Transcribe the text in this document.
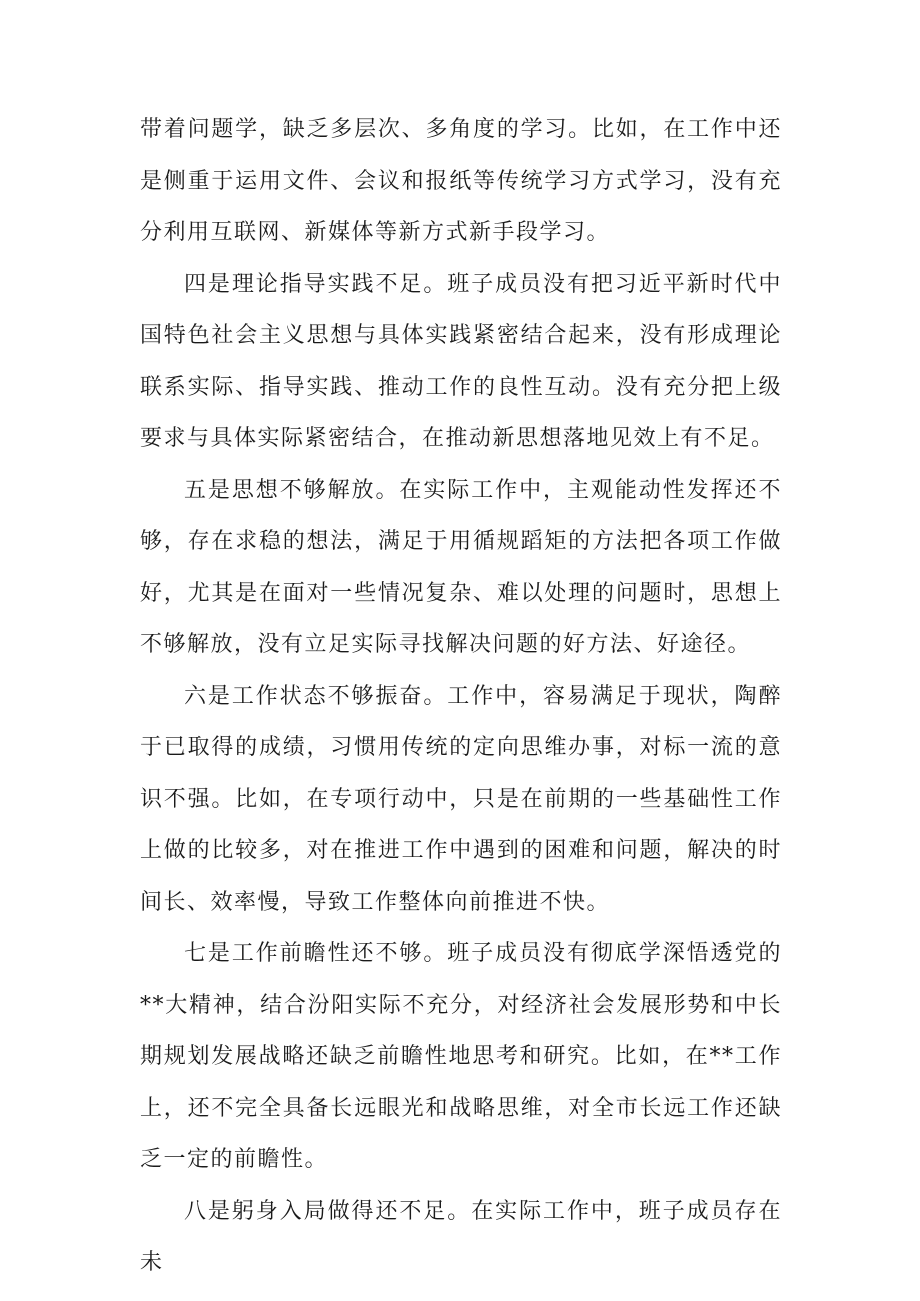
带着问题学，缺乏多层次、多角度的学习。比如，在工作中还是侧重于运用文件、会议和报纸等传统学习方式学习，没有充分利用互联网、新媒体等新方式新手段学习。

四是理论指导实践不足。班子成员没有把习近平新时代中国特色社会主义思想与具体实践紧密结合起来，没有形成理论联系实际、指导实践、推动工作的良性互动。没有充分把上级要求与具体实际紧密结合，在推动新思想落地见效上有不足。

五是思想不够解放。在实际工作中，主观能动性发挥还不够，存在求稳的想法，满足于用循规蹈矩的方法把各项工作做好，尤其是在面对一些情况复杂、难以处理的问题时，思想上不够解放，没有立足实际寻找解决问题的好方法、好途径。

六是工作状态不够振奋。工作中，容易满足于现状，陶醉于已取得的成绩，习惯用传统的定向思维办事，对标一流的意识不强。比如，在专项行动中，只是在前期的一些基础性工作上做的比较多，对在推进工作中遇到的困难和问题，解决的时间长、效率慢，导致工作整体向前推进不快。

七是工作前瞻性还不够。班子成员没有彻底学深悟透党的**大精神，结合汾阳实际不充分，对经济社会发展形势和中长期规划发展战略还缺乏前瞻性地思考和研究。比如，在**工作上，还不完全具备长远眼光和战略思维，对全市长远工作还缺乏一定的前瞻性。

八是躬身入局做得还不足。在实际工作中，班子成员存在未
